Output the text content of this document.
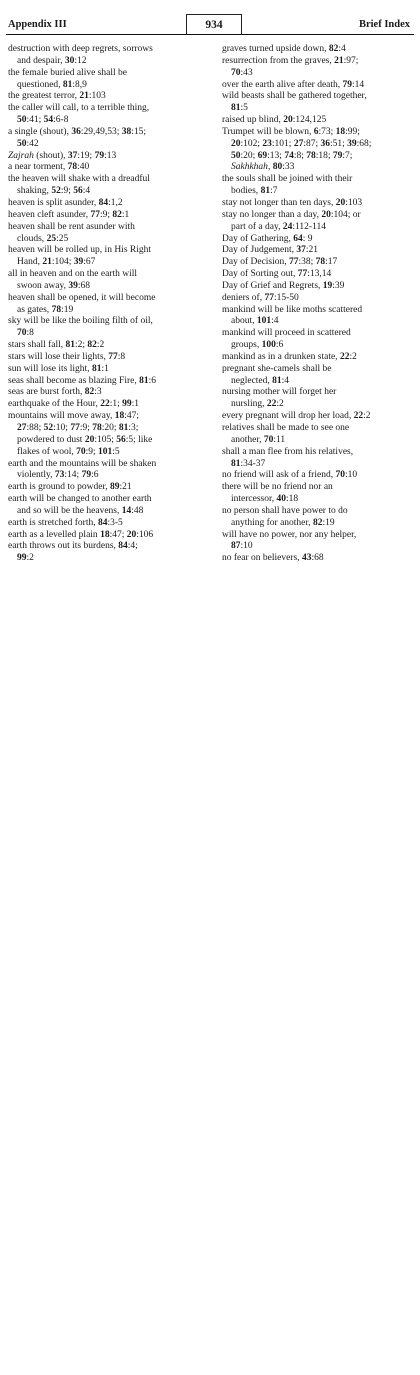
Appendix III	934	Brief Index
destruction with deep regrets, sorrows
and despair, 30:12
the female buried alive shall be
questioned, 81:8,9
the greatest terror, 21:103
the caller will call, to a terrible thing,
50:41; 54:6-8
a single (shout), 36:29,49,53; 38:15;
50:42
Zajrah (shout), 37:19; 79:13
a near torment, 78:40
the heaven will shake with a dreadful
shaking, 52:9; 56:4
heaven is split asunder, 84:1,2
heaven cleft asunder, 77:9; 82:1
heaven shall be rent asunder with
clouds, 25:25
heaven will be rolled up, in His Right
Hand, 21:104; 39:67
all in heaven and on the earth will
swoon away, 39:68
heaven shall be opened, it will become
as gates, 78:19
sky will be like the boiling filth of oil,
70:8
stars shall fall, 81:2; 82:2
stars will lose their lights, 77:8
sun will lose its light, 81:1
seas shall become as blazing Fire, 81:6
seas are burst forth, 82:3
earthquake of the Hour, 22:1; 99:1
mountains will move away, 18:47;
27:88; 52:10; 77:9; 78:20; 81:3;
powdered to dust 20:105; 56:5; like
flakes of wool, 70:9; 101:5
earth and the mountains will be shaken
violently, 73:14; 79:6
earth is ground to powder, 89:21
earth will be changed to another earth
and so will be the heavens, 14:48
earth is stretched forth, 84:3-5
earth as a levelled plain 18:47; 20:106
earth throws out its burdens, 84:4;
99:2
graves turned upside down, 82:4
resurrection from the graves, 21:97;
70:43
over the earth alive after death, 79:14
wild beasts shall be gathered together,
81:5
raised up blind, 20:124,125
Trumpet will be blown, 6:73; 18:99;
20:102; 23:101; 27:87; 36:51; 39:68;
50:20; 69:13; 74:8; 78:18; 79:7;
Sakhkhah, 80:33
the souls shall be joined with their
bodies, 81:7
stay not longer than ten days, 20:103
stay no longer than a day, 20:104; or
part of a day, 24:112-114
Day of Gathering, 64: 9
Day of Judgement, 37:21
Day of Decision, 77:38; 78:17
Day of Sorting out, 77:13,14
Day of Grief and Regrets, 19:39
deniers of, 77:15-50
mankind will be like moths scattered
about, 101:4
mankind will proceed in scattered
groups, 100:6
mankind as in a drunken state, 22:2
pregnant she-camels shall be
neglected, 81:4
nursing mother will forget her
nursling, 22:2
every pregnant will drop her load, 22:2
relatives shall be made to see one
another, 70:11
shall a man flee from his relatives,
81:34-37
no friend will ask of a friend, 70:10
there will be no friend nor an
intercessor, 40:18
no person shall have power to do
anything for another, 82:19
will have no power, nor any helper,
87:10
no fear on believers, 43:68
